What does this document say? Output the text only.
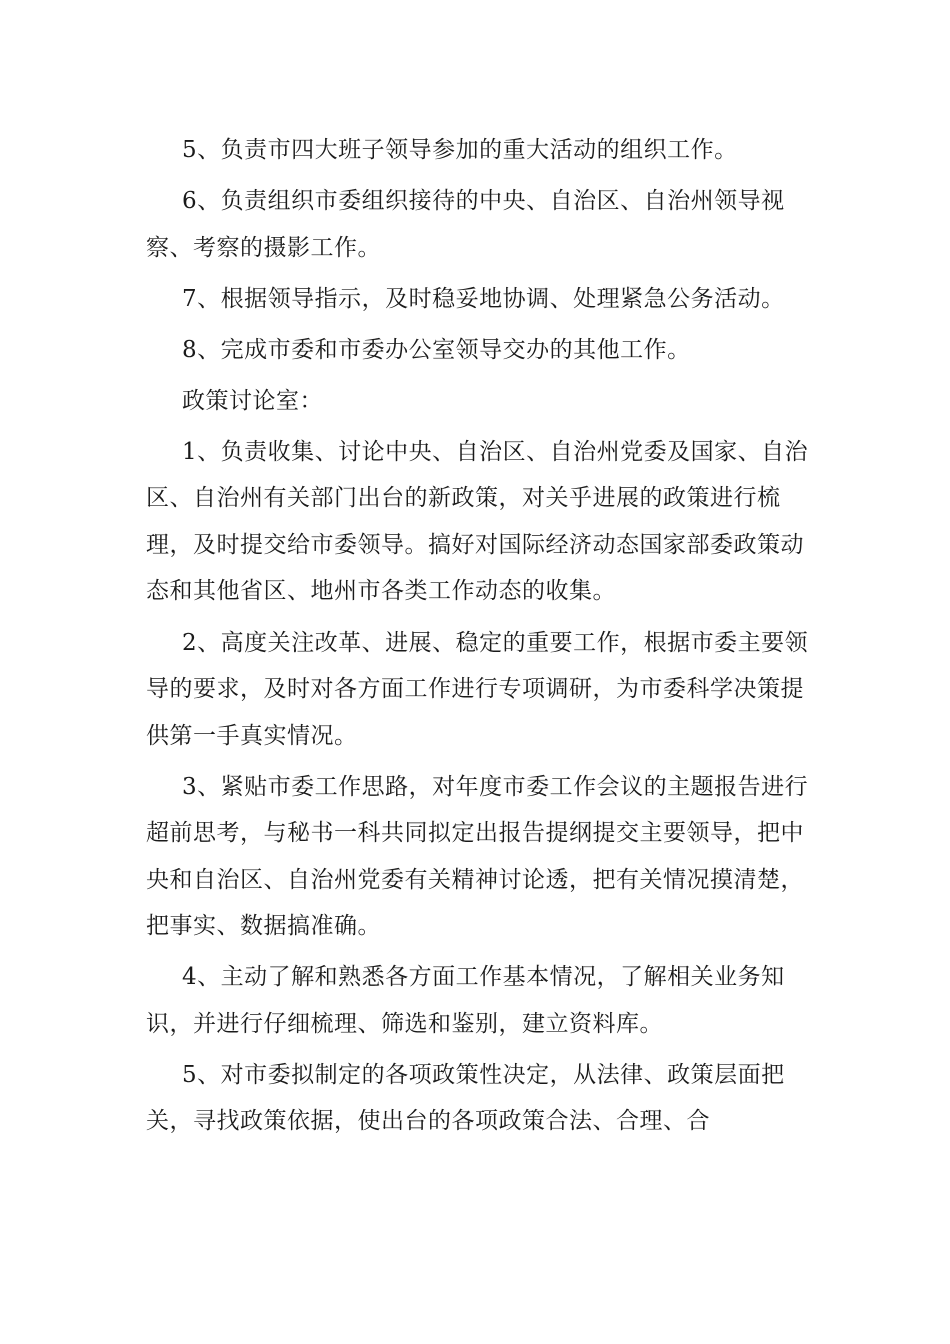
5、负责市四大班子领导参加的重大活动的组织工作。

6、负责组织市委组织接待的中央、自治区、自治州领导视察、考察的摄影工作。

7、根据领导指示，及时稳妥地协调、处理紧急公务活动。

8、完成市委和市委办公室领导交办的其他工作。

政策讨论室：

1、负责收集、讨论中央、自治区、自治州党委及国家、自治区、自治州有关部门出台的新政策，对关乎进展的政策进行梳理，及时提交给市委领导。搞好对国际经济动态国家部委政策动态和其他省区、地州市各类工作动态的收集。

2、高度关注改革、进展、稳定的重要工作，根据市委主要领导的要求，及时对各方面工作进行专项调研，为市委科学决策提供第一手真实情况。

3、紧贴市委工作思路，对年度市委工作会议的主题报告进行超前思考，与秘书一科共同拟定出报告提纲提交主要领导，把中央和自治区、自治州党委有关精神讨论透，把有关情况摸清楚，把事实、数据搞准确。

4、主动了解和熟悉各方面工作基本情况，了解相关业务知识，并进行仔细梳理、筛选和鉴别，建立资料库。

5、对市委拟制定的各项政策性决定，从法律、政策层面把关，寻找政策依据，使出台的各项政策合法、合理、合
